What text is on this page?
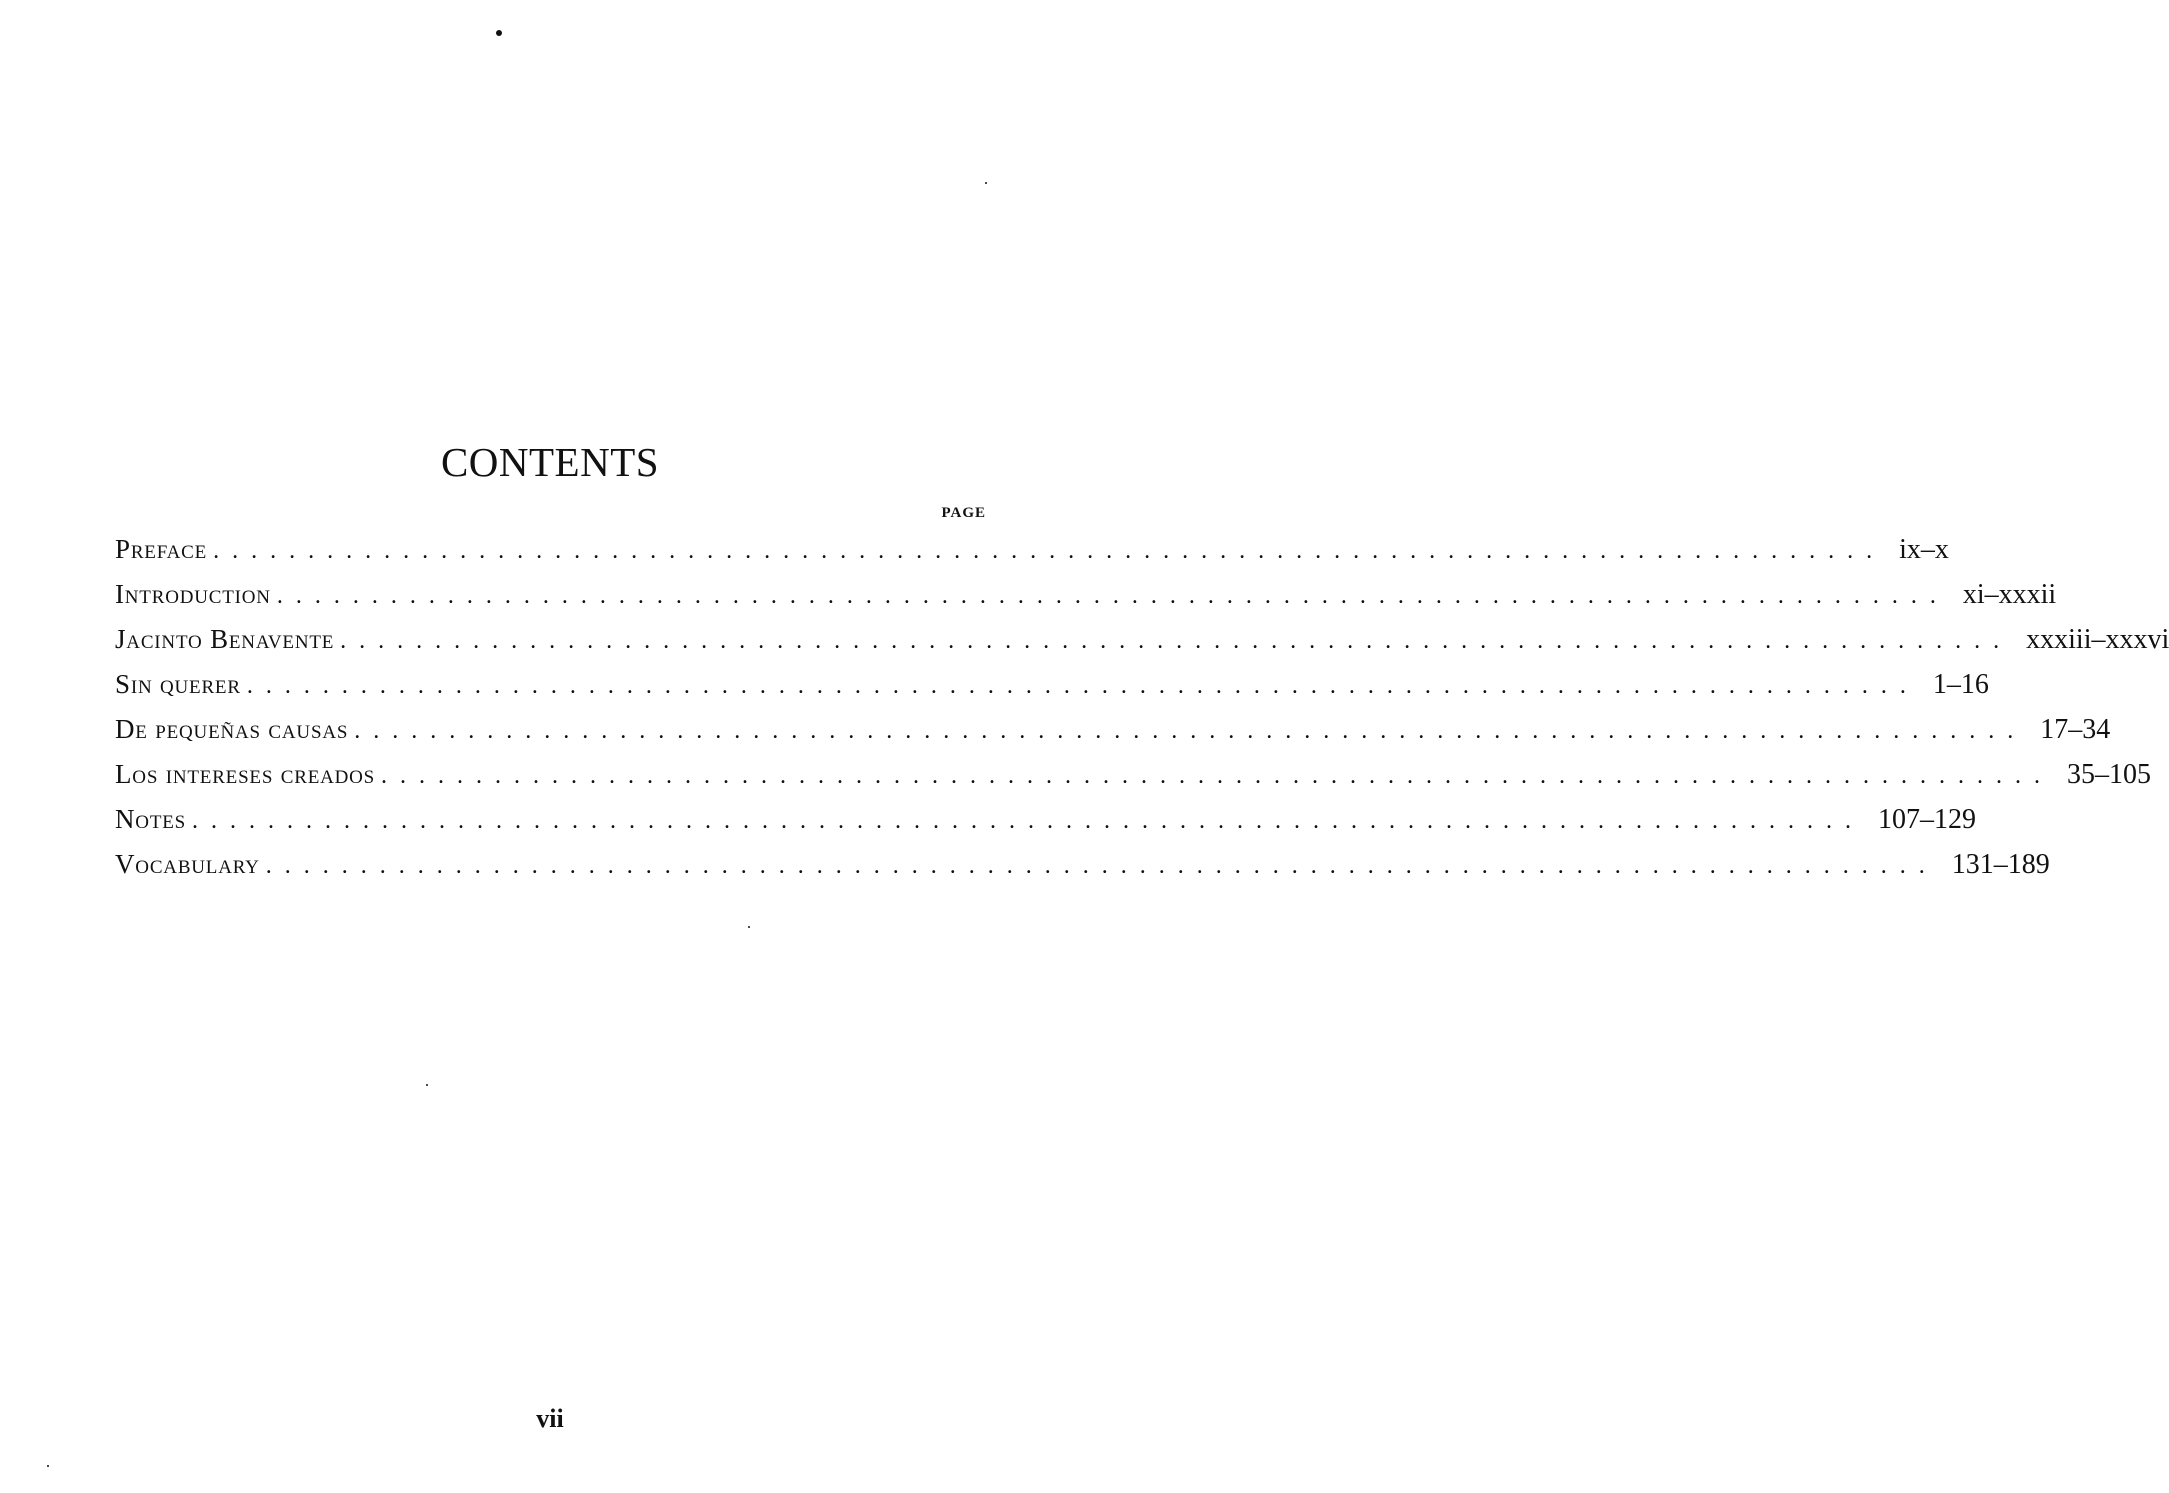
CONTENTS
PAGE
Preface ........................................................................................ ix–x
Introduction ........................................................................................ xi–xxxii
Jacinto Benavente ........................................................................................ xxxiii–xxxvi
Sin querer ........................................................................................ 1–16
De pequeñas causas ........................................................................................ 17–34
Los intereses creados ........................................................................................ 35–105
Notes ........................................................................................ 107–129
Vocabulary ........................................................................................ 131–189
vii
